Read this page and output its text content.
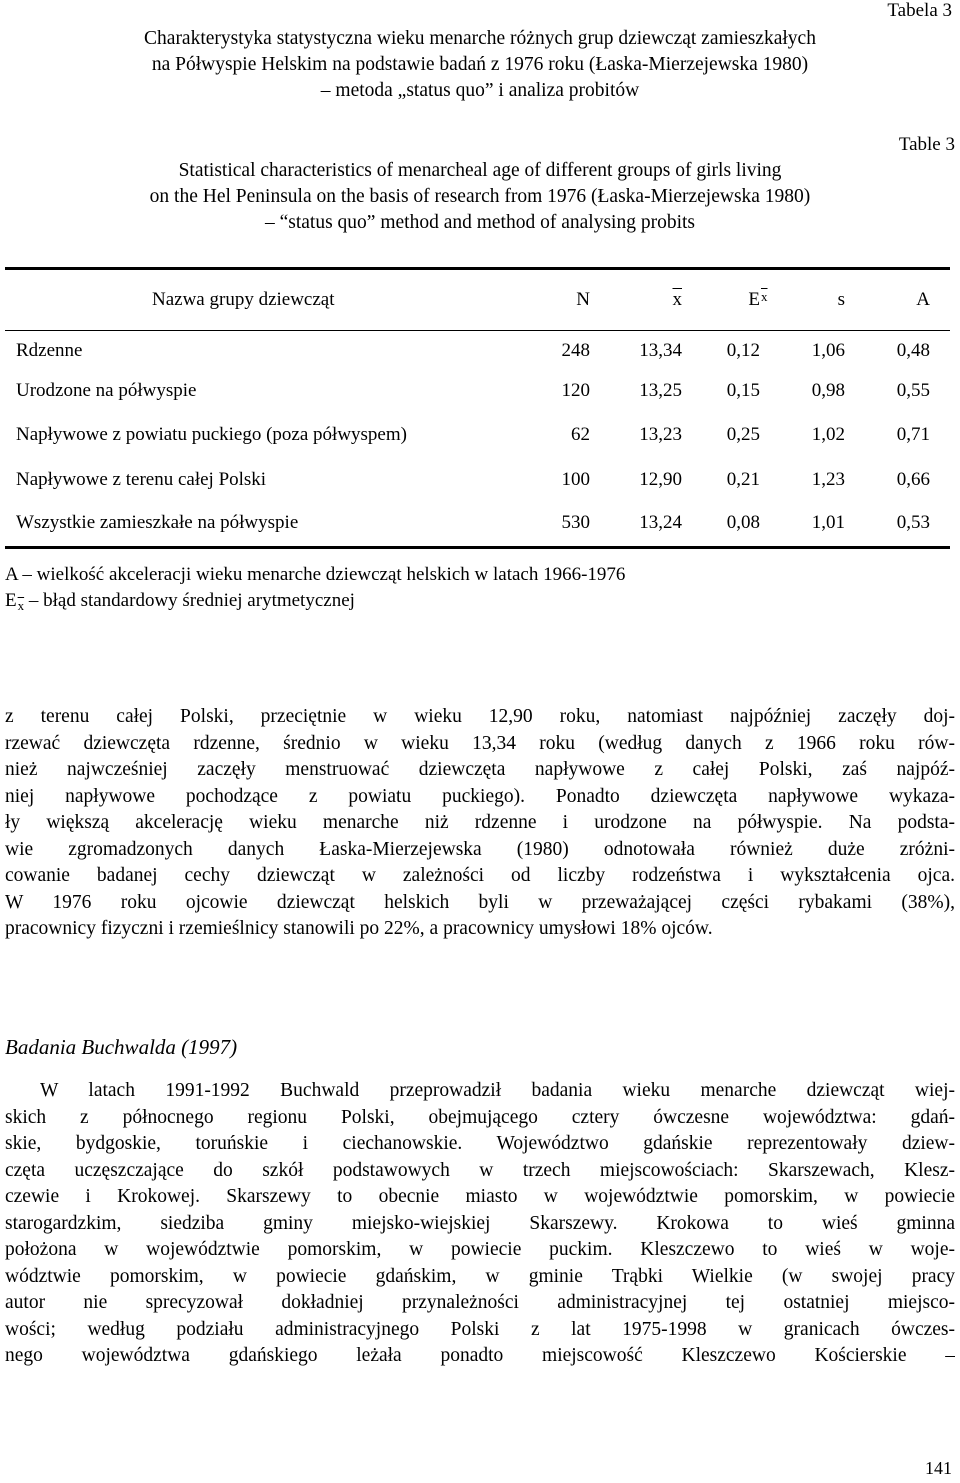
Tabela 3
Charakterystyka statystyczna wieku menarche różnych grup dziewcząt zamieszkałych
na Półwyspie Helskim na podstawie badań z 1976 roku (Łaska-Mierzejewska 1980)
– metoda „status quo” i analiza probitów
Table 3
Statistical characteristics of menarcheal age of different groups of girls living
on the Hel Peninsula on the basis of research from 1976 (Łaska-Mierzejewska 1980)
– “status quo” method and method of analysing probits
Nazwa grupy dziewcząt	N	$\overline{x}$	E $\overline{x}$	s	A
Rdzenne	248	13,34	0,12	1,06	0,48
Urodzone na półwyspie	120	13,25	0,15	0,98	0,55
Napływowe z powiatu puckiego (poza półwyspem)	62	13,23	0,25	1,02	0,71
Napływowe z terenu całej Polski	100	12,90	0,21	1,23	0,66
Wszystkie zamieszkałe na półwyspie	530	13,24	0,08	1,01	0,53
A – wielkość akceleracji wieku menarche dziewcząt helskich w latach 1966-1976
$E_{\overline{x}}$ – błąd standardowy średniej arytmetycznej
z terenu całej Polski, przeciętnie w wieku 12,90 roku, natomiast najpóźniej zaczęły doj-
rzewać dziewczęta rdzenne, średnio w wieku 13,34 roku (według danych z 1966 roku rów-
nież najwcześniej zaczęły menstruować dziewczęta napływowe z całej Polski, zaś najpóź-
niej napływowe pochodzące z powiatu puckiego). Ponadto dziewczęta napływowe wykaza-
ły większą akcelerację wieku menarche niż rdzenne i urodzone na półwyspie. Na podsta-
wie zgromadzonych danych Łaska-Mierzejewska (1980) odnotowała również duże zróżni-
cowanie badanej cechy dziewcząt w zależności od liczby rodzeństwa i wykształcenia ojca.
W 1976 roku ojcowie dziewcząt helskich byli w przeważającej części rybakami (38%),
pracownicy fizyczni i rzemieślnicy stanowili po 22%, a pracownicy umysłowi 18% ojców.
Badania Buchwalda (1997)
W latach 1991-1992 Buchwald przeprowadził badania wieku menarche dziewcząt wiej-
skich z północnego regionu Polski, obejmującego cztery ówczesne województwa: gdań-
skie, bydgoskie, toruńskie i ciechanowskie. Województwo gdańskie reprezentowały dziew-
częta uczęszczające do szkół podstawowych w trzech miejscowościach: Skarszewach, Klesz-
czewie i Krokowej. Skarszewy to obecnie miasto w województwie pomorskim, w powiecie
starogardzkim, siedziba gminy miejsko-wiejskiej Skarszewy. Krokowa to wieś gminna
położona w województwie pomorskim, w powiecie puckim. Kleszczewo to wieś w woje-
wództwie pomorskim, w powiecie gdańskim, w gminie Trąbki Wielkie (w swojej pracy
autor nie sprecyzował dokładniej przynależności administracyjnej tej ostatniej miejsco-
wości; według podziału administracyjnego Polski z lat 1975-1998 w granicach ówczes-
nego województwa gdańskiego leżała ponadto miejscowość Kleszczewo Kościerskie –
141
